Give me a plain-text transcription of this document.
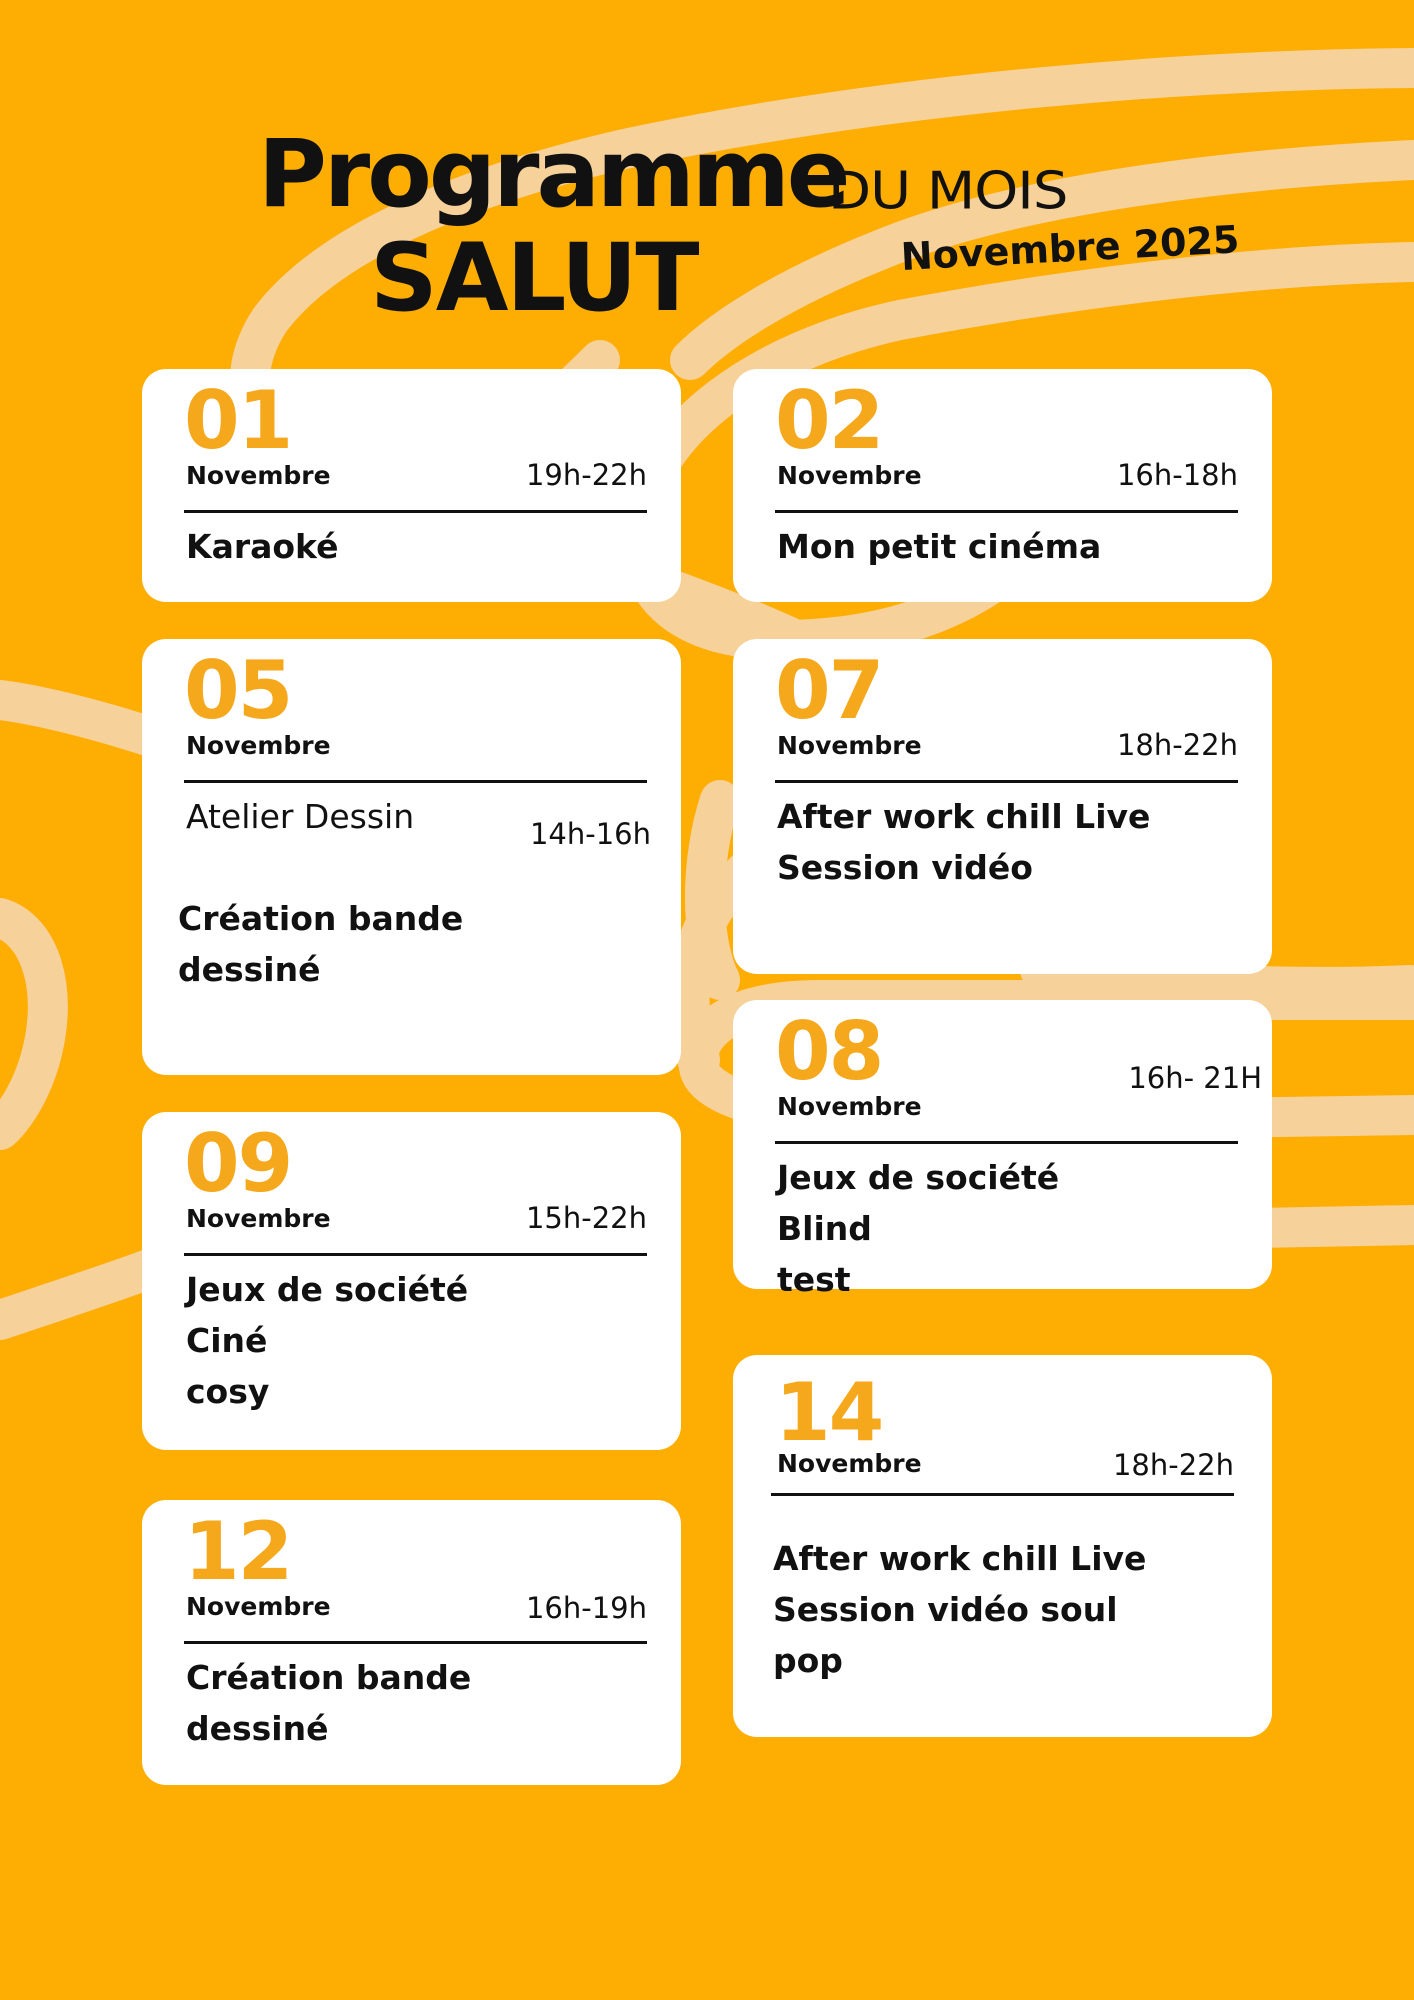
Programme
DU MOIS
SALUT	Novembre 2025
01
Novembre	19h-22h
Karaoké
02
Novembre	16h-18h
Mon petit cinéma
05
Novembre
Atelier Dessin	14h-16h
Création bande
dessiné
07
Novembre	18h-22h
After work chill Live
Session vidéo
08
Novembre
16h- 21H
Jeux de société
Blind
test
09
Novembre	15h-22h
Jeux de société
Ciné
cosy	14
Novembre	18h-22h
After work chill Live
Session vidéo soul
pop
12
Novembre	16h-19h
Création bande
dessiné
